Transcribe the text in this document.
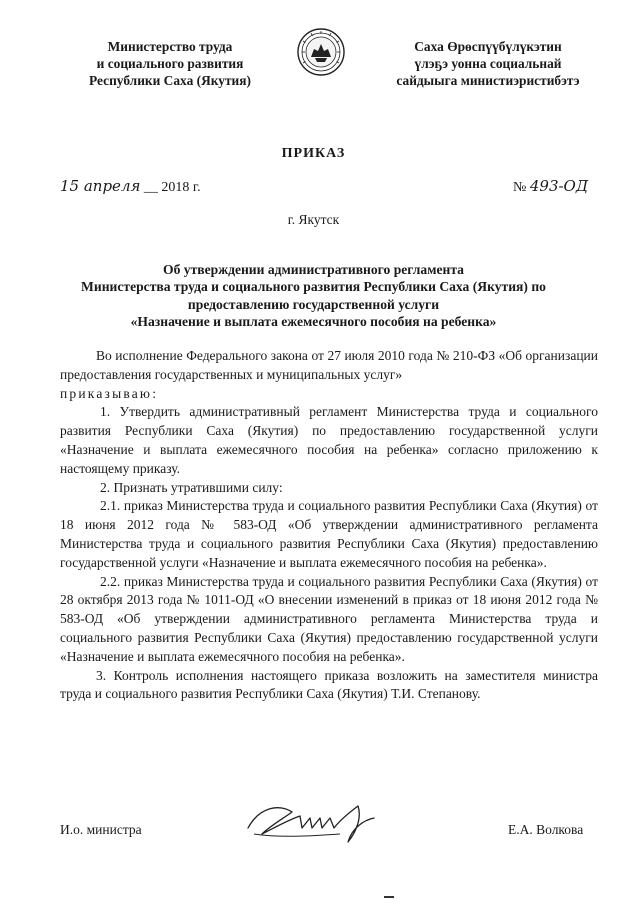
Министерство труда
и социального развития
Республики Саха (Якутия)
Саха Өрөспүүбүлүкэтин
үлэҕэ уонна социальнай
сайдыыга министиэристибэтэ
ПРИКАЗ
15 апреля __ 2018 г.	№ 493-ОД
г. Якутск
Об утверждении административного регламента
Министерства труда и социального развития Республики Саха (Якутия) по
предоставлению государственной услуги
«Назначение и выплата ежемесячного пособия на ребенка»

Во исполнение Федерального закона от 27 июля 2010 года № 210-ФЗ «Об организации предоставления государственных и муниципальных услуг»

приказываю:

1. Утвердить административный регламент Министерства труда и социального развития Республики Саха (Якутия) по предоставлению государственной услуги «Назначение и выплата ежемесячного пособия на ребенка» согласно приложению к настоящему приказу.

2. Признать утратившими силу:

2.1. приказ Министерства труда и социального развития Республики Саха (Якутия) от 18 июня 2012 года № 583-ОД «Об утверждении административного регламента Министерства труда и социального развития Республики Саха (Якутия) предоставлению государственной услуги «Назначение и выплата ежемесячного пособия на ребенка».

2.2. приказ Министерства труда и социального развития Республики Саха (Якутия) от 28 октября 2013 года № 1011-ОД «О внесении изменений в приказ от 18 июня 2012 года № 583-ОД «Об утверждении административного регламента Министерства труда и социального развития Республики Саха (Якутия) предоставлению государственной услуги «Назначение и выплата ежемесячного пособия на ребенка».

3. Контроль исполнения настоящего приказа возложить на заместителя министра труда и социального развития Республики Саха (Якутия) Т.И. Степанову.

И.о. министра	Е.А. Волкова
